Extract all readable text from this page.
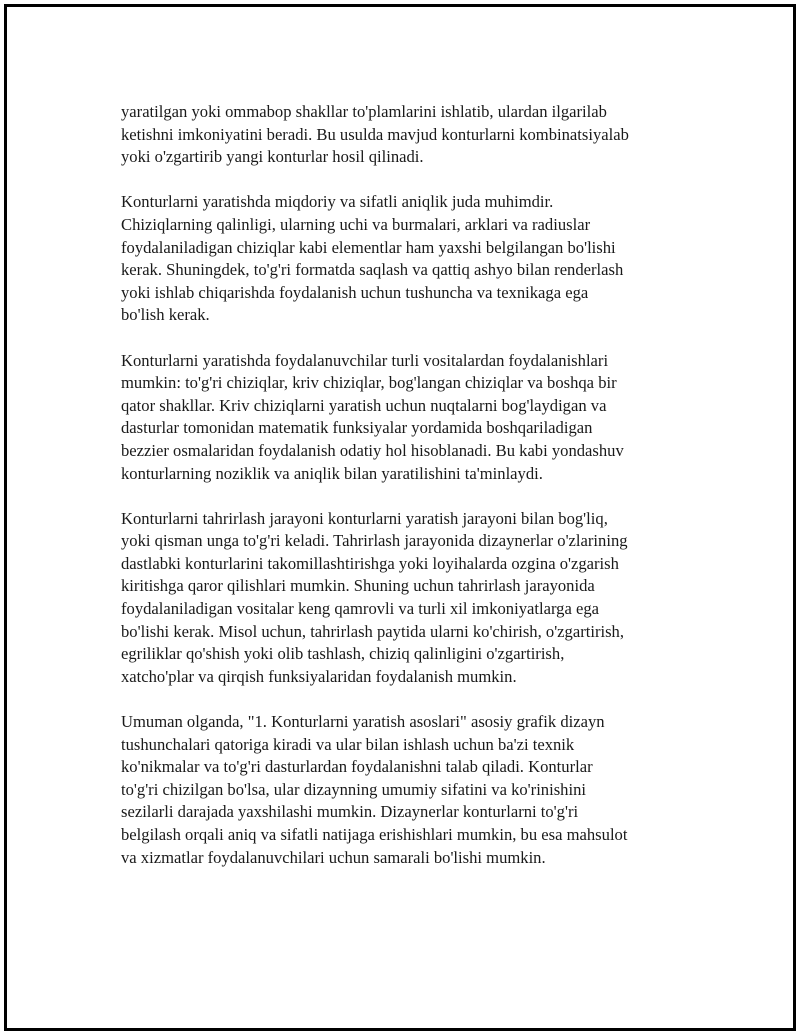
yaratilgan yoki ommabop shakllar to'plamlarini ishlatib, ulardan ilgarilab
ketishni imkoniyatini beradi. Bu usulda mavjud konturlarni kombinatsiyalab
yoki o'zgartirib yangi konturlar hosil qilinadi.

Konturlarni yaratishda miqdoriy va sifatli aniqlik juda muhimdir.
Chiziqlarning qalinligi, ularning uchi va burmalari, arklari va radiuslar
foydalaniladigan chiziqlar kabi elementlar ham yaxshi belgilangan bo'lishi
kerak. Shuningdek, to'g'ri formatda saqlash va qattiq ashyo bilan renderlash
yoki ishlab chiqarishda foydalanish uchun tushuncha va texnikaga ega
bo'lish kerak.

Konturlarni yaratishda foydalanuvchilar turli vositalardan foydalanishlari
mumkin: to'g'ri chiziqlar, kriv chiziqlar, bog'langan chiziqlar va boshqa bir
qator shakllar. Kriv chiziqlarni yaratish uchun nuqtalarni bog'laydigan va
dasturlar tomonidan matematik funksiyalar yordamida boshqariladigan
bezzier osmalaridan foydalanish odatiy hol hisoblanadi. Bu kabi yondashuv
konturlarning noziklik va aniqlik bilan yaratilishini ta'minlaydi.

Konturlarni tahrirlash jarayoni konturlarni yaratish jarayoni bilan bog'liq,
yoki qisman unga to'g'ri keladi. Tahrirlash jarayonida dizaynerlar o'zlarining
dastlabki konturlarini takomillashtirishga yoki loyihalarda ozgina o'zgarish
kiritishga qaror qilishlari mumkin. Shuning uchun tahrirlash jarayonida
foydalaniladigan vositalar keng qamrovli va turli xil imkoniyatlarga ega
bo'lishi kerak. Misol uchun, tahrirlash paytida ularni ko'chirish, o'zgartirish,
egriliklar qo'shish yoki olib tashlash, chiziq qalinligini o'zgartirish,
xatcho'plar va qirqish funksiyalaridan foydalanish mumkin.

Umuman olganda, "1. Konturlarni yaratish asoslari" asosiy grafik dizayn
tushunchalari qatoriga kiradi va ular bilan ishlash uchun ba'zi texnik
ko'nikmalar va to'g'ri dasturlardan foydalanishni talab qiladi. Konturlar
to'g'ri chizilgan bo'lsa, ular dizaynning umumiy sifatini va ko'rinishini
sezilarli darajada yaxshilashi mumkin. Dizaynerlar konturlarni to'g'ri
belgilash orqali aniq va sifatli natijaga erishishlari mumkin, bu esa mahsulot
va xizmatlar foydalanuvchilari uchun samarali bo'lishi mumkin.
